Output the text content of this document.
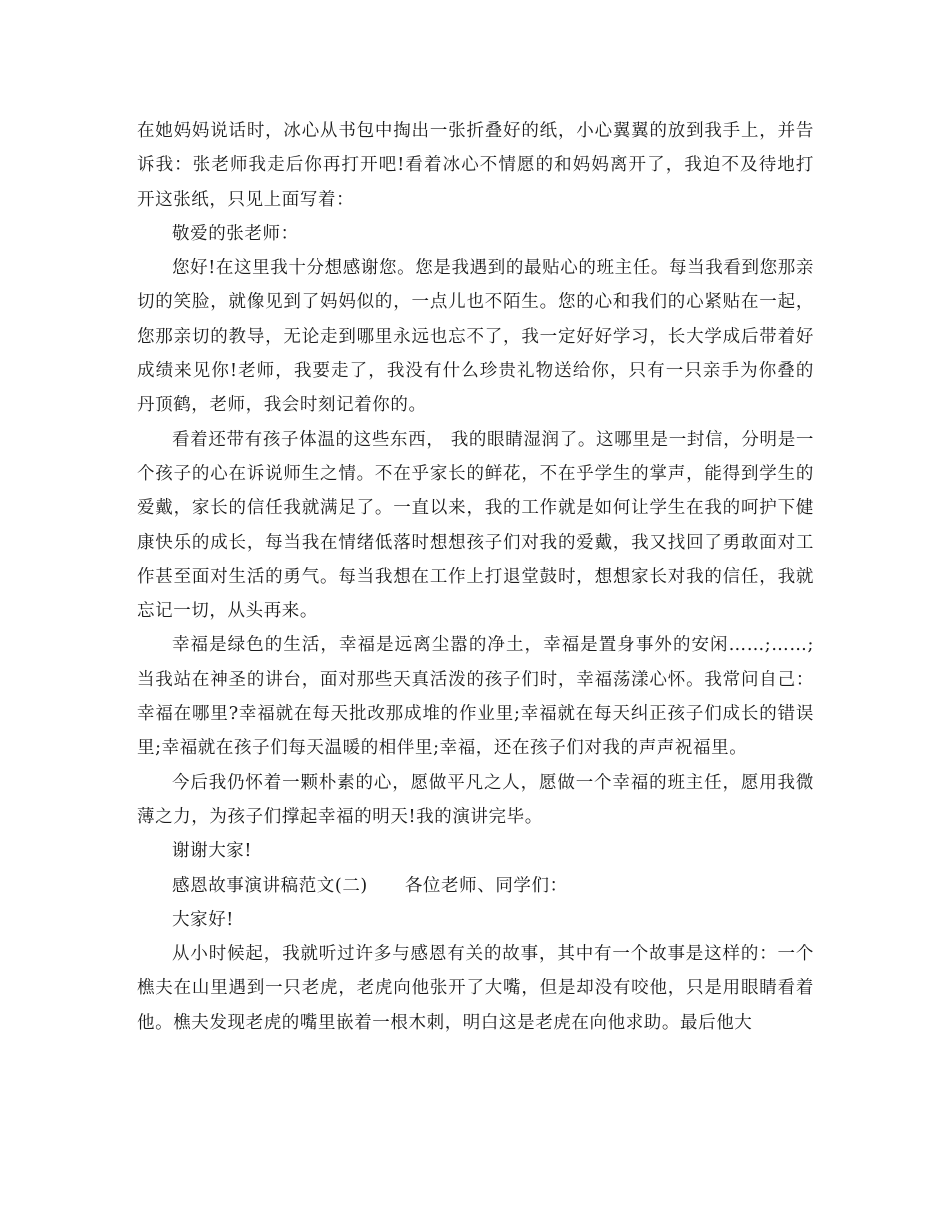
在她妈妈说话时，冰心从书包中掏出一张折叠好的纸，小心翼翼的放到我手上，并告诉我：张老师我走后你再打开吧!看着冰心不情愿的和妈妈离开了，我迫不及待地打开这张纸，只见上面写着：

敬爱的张老师：

您好!在这里我十分想感谢您。您是我遇到的最贴心的班主任。每当我看到您那亲切的笑脸，就像见到了妈妈似的，一点儿也不陌生。您的心和我们的心紧贴在一起，您那亲切的教导，无论走到哪里永远也忘不了，我一定好好学习，长大学成后带着好成绩来见你!老师，我要走了，我没有什么珍贵礼物送给你，只有一只亲手为你叠的丹顶鹤，老师，我会时刻记着你的。

看着还带有孩子体温的这些东西， 我的眼睛湿润了。这哪里是一封信，分明是一个孩子的心在诉说师生之情。不在乎家长的鲜花，不在乎学生的掌声，能得到学生的爱戴，家长的信任我就满足了。一直以来，我的工作就是如何让学生在我的呵护下健康快乐的成长，每当我在情绪低落时想想孩子们对我的爱戴，我又找回了勇敢面对工作甚至面对生活的勇气。每当我想在工作上打退堂鼓时，想想家长对我的信任，我就忘记一切，从头再来。

幸福是绿色的生活，幸福是远离尘嚣的净土，幸福是置身事外的安闲……;……;当我站在神圣的讲台，面对那些天真活泼的孩子们时，幸福荡漾心怀。我常问自己：幸福在哪里?幸福就在每天批改那成堆的作业里;幸福就在每天纠正孩子们成长的错误里;幸福就在孩子们每天温暖的相伴里;幸福，还在孩子们对我的声声祝福里。

今后我仍怀着一颗朴素的心，愿做平凡之人，愿做一个幸福的班主任，愿用我微薄之力，为孩子们撑起幸福的明天!我的演讲完毕。

谢谢大家!

感恩故事演讲稿范文(二)      各位老师、同学们：

大家好!

从小时候起，我就听过许多与感恩有关的故事，其中有一个故事是这样的：一个樵夫在山里遇到一只老虎，老虎向他张开了大嘴，但是却没有咬他，只是用眼睛看着他。樵夫发现老虎的嘴里嵌着一根木刺，明白这是老虎在向他求助。最后他大
